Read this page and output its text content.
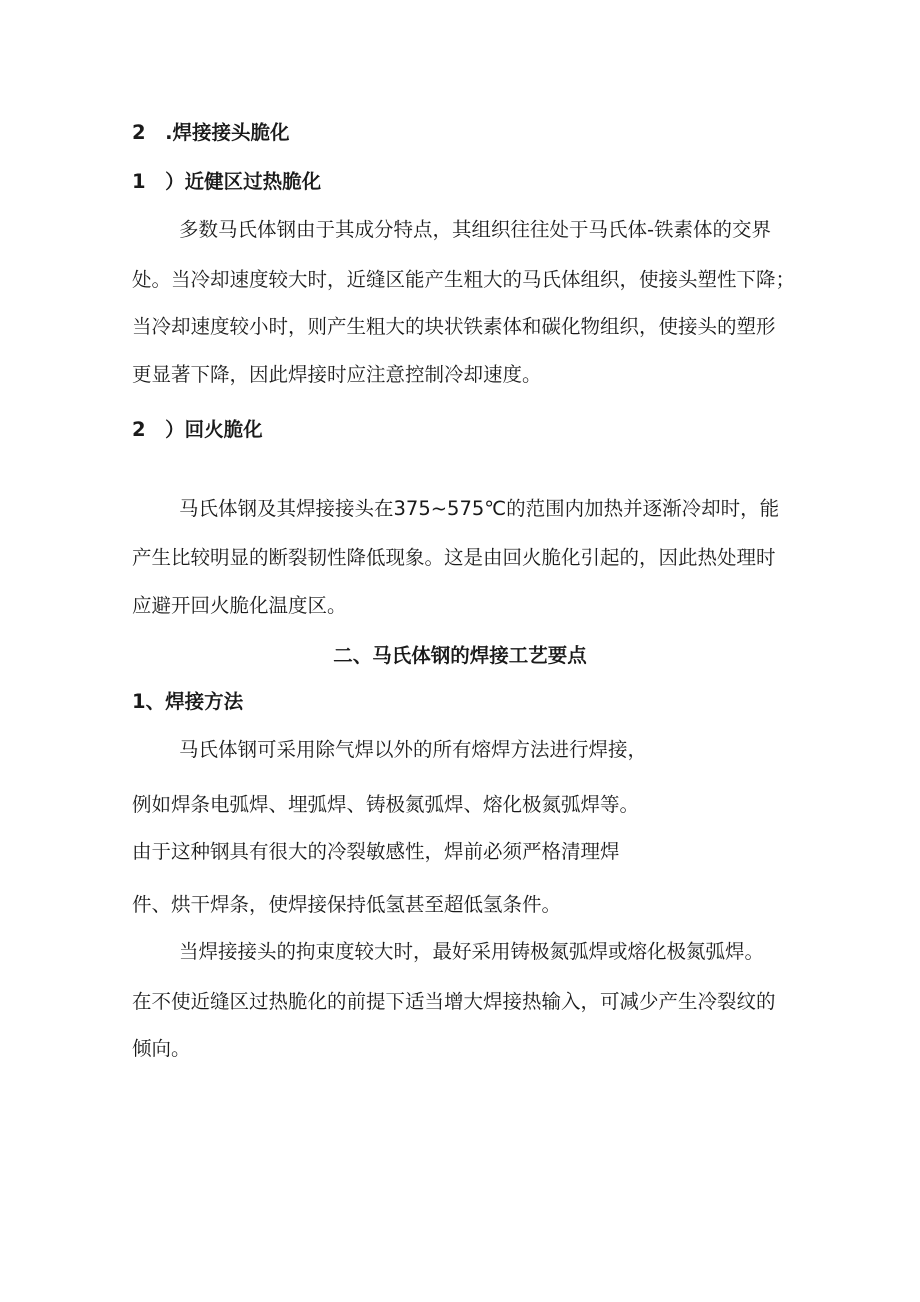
2　.焊接接头脆化
1　）近健区过热脆化
多数马氏体钢由于其成分特点，其组织往往处于马氏体-铁素体的交界
处。当冷却速度较大时，近缝区能产生粗大的马氏体组织，使接头塑性下降；
当冷却速度较小时，则产生粗大的块状铁素体和碳化物组织，使接头的塑形
更显著下降，因此焊接时应注意控制冷却速度。
2　）回火脆化
马氏体钢及其焊接接头在375~575℃的范围内加热并逐渐冷却时，能
产生比较明显的断裂韧性降低现象。这是由回火脆化引起的，因此热处理时
应避开回火脆化温度区。
二、马氏体钢的焊接工艺要点
1、焊接方法
马氏体钢可采用除气焊以外的所有熔焊方法进行焊接，
例如焊条电弧焊、埋弧焊、铸极氮弧焊、熔化极氮弧焊等。
由于这种钢具有很大的冷裂敏感性，焊前必须严格清理焊
件、烘干焊条，使焊接保持低氢甚至超低氢条件。
当焊接接头的拘束度较大时，最好采用铸极氮弧焊或熔化极氮弧焊。
在不使近缝区过热脆化的前提下适当增大焊接热输入，可减少产生冷裂纹的
倾向。
